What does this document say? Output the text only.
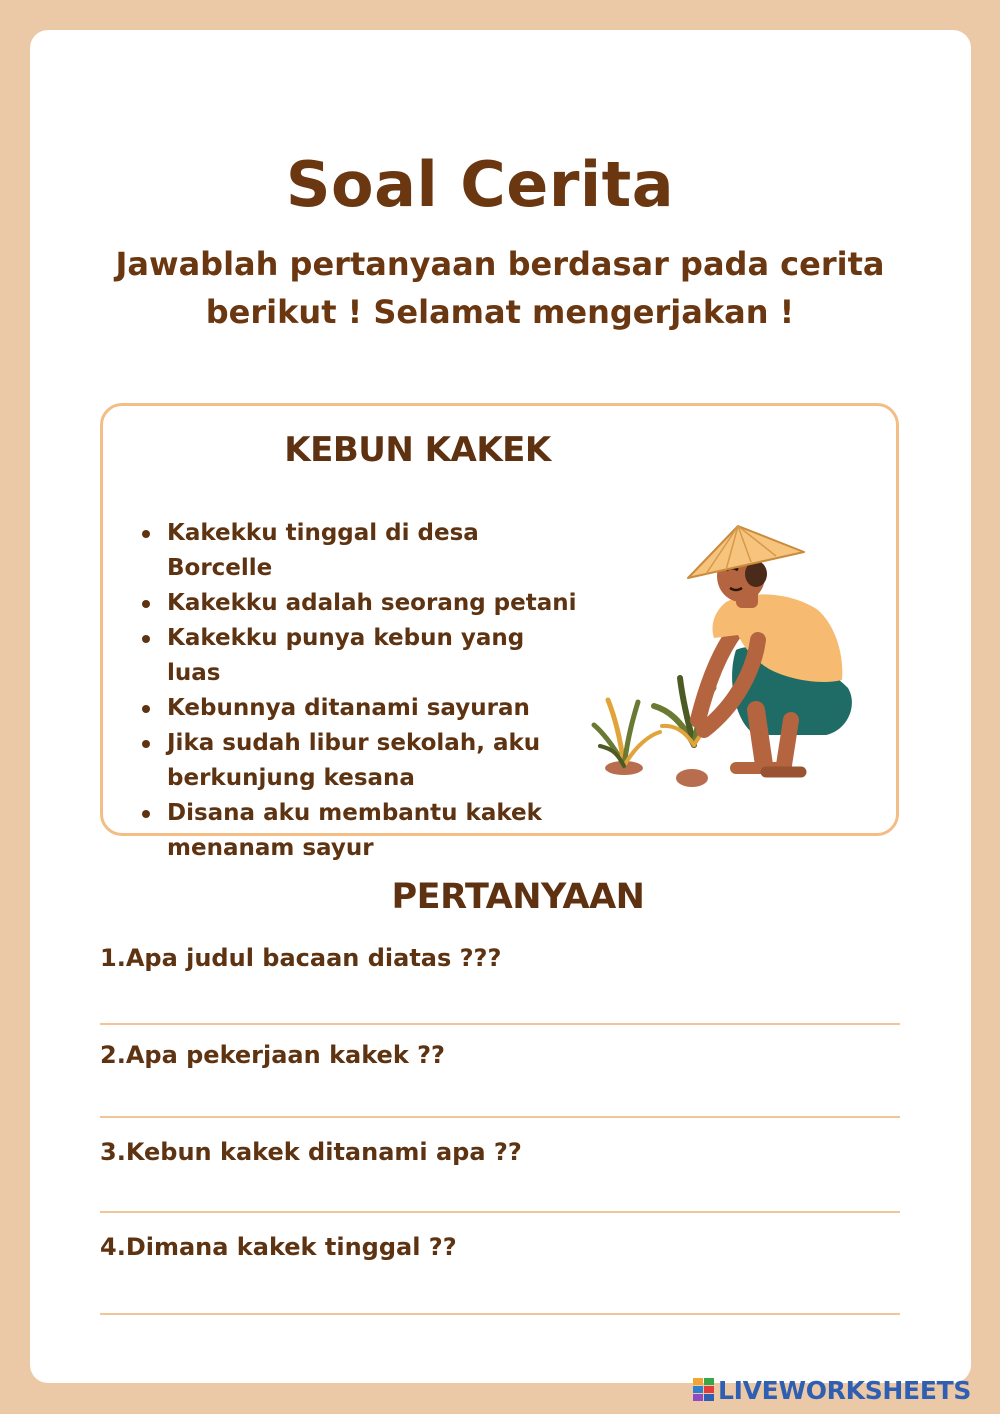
Soal Cerita
Jawablah pertanyaan berdasar pada cerita
berikut ! Selamat mengerjakan !
KEBUN KAKEK
Kakekku tinggal di desa Borcelle
Kakekku adalah seorang petani
Kakekku punya kebun yang luas
Kebunnya ditanami sayuran
Jika sudah libur sekolah, aku berkunjung kesana
Disana aku membantu kakek menanam sayur
PERTANYAAN
1.Apa judul bacaan diatas ???
2.Apa pekerjaan kakek ??
3.Kebun kakek ditanami apa ??
4.Dimana kakek tinggal ??
LIVEWORKSHEETS
